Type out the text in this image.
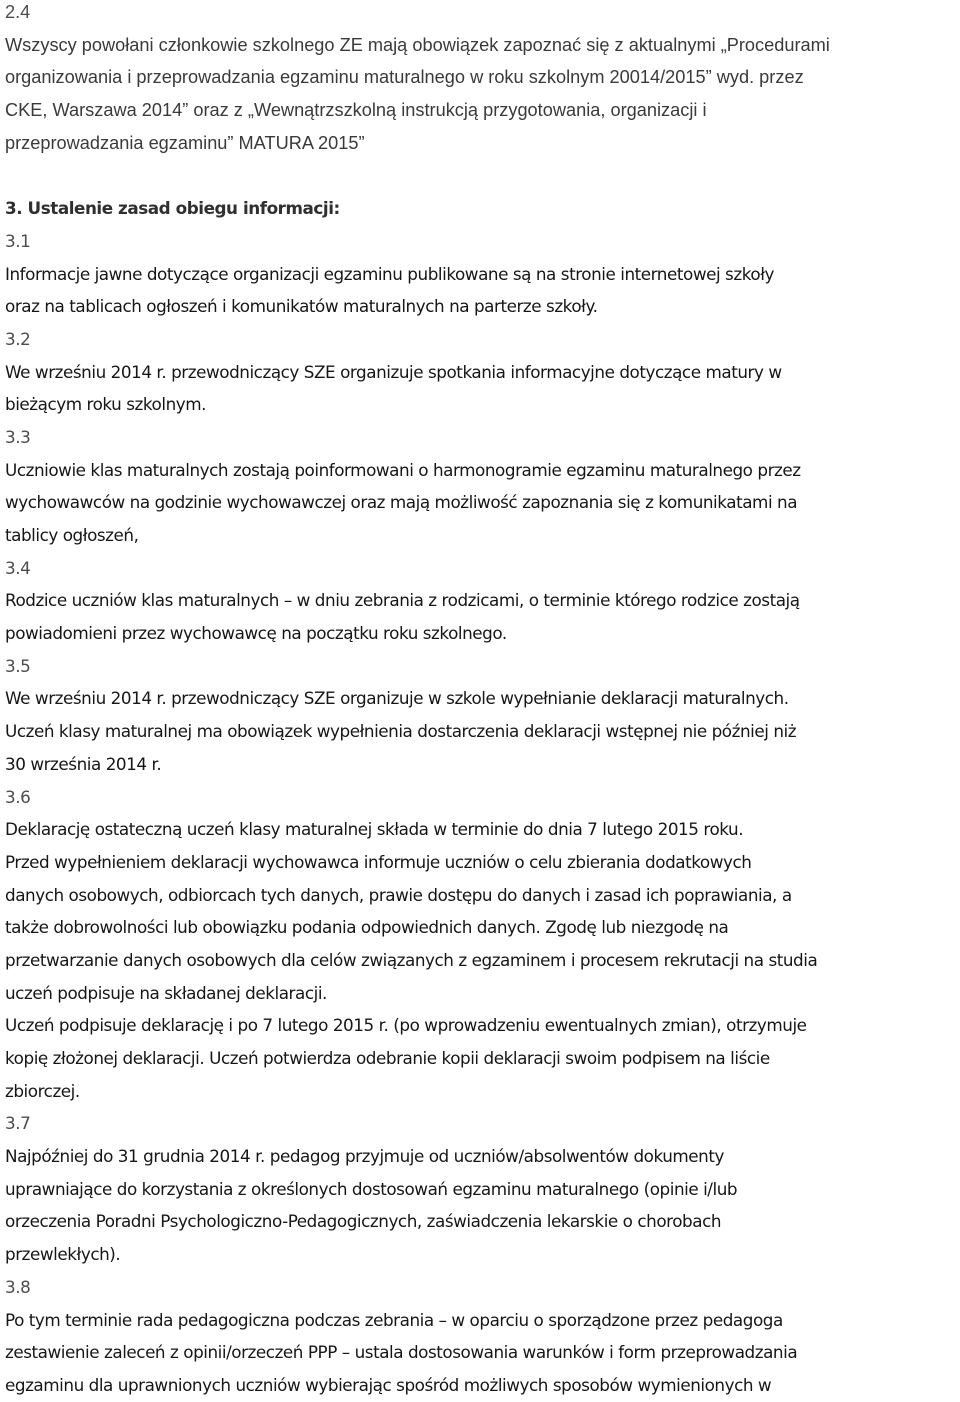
2.4
Wszyscy powołani członkowie szkolnego ZE mają obowiązek zapoznać się z aktualnymi „Procedurami
organizowania i przeprowadzania egzaminu maturalnego w roku szkolnym 20014/2015” wyd. przez
CKE, Warszawa 2014” oraz z „Wewnątrzszkolną instrukcją przygotowania, organizacji i
przeprowadzania egzaminu” MATURA 2015”
3. Ustalenie zasad obiegu informacji:
3.1
Informacje jawne dotyczące organizacji egzaminu publikowane są na stronie internetowej szkoły
oraz na tablicach ogłoszeń i komunikatów maturalnych na parterze szkoły.
3.2
We wrześniu 2014 r. przewodniczący SZE organizuje spotkania informacyjne dotyczące matury w
bieżącym roku szkolnym.
3.3
Uczniowie klas maturalnych zostają poinformowani o harmonogramie egzaminu maturalnego przez
wychowawców na godzinie wychowawczej oraz mają możliwość zapoznania się z komunikatami na
tablicy ogłoszeń,
3.4
Rodzice uczniów klas maturalnych – w dniu zebrania z rodzicami, o terminie którego rodzice zostają
powiadomieni przez wychowawcę na początku roku szkolnego.
3.5
We wrześniu 2014 r. przewodniczący SZE organizuje w szkole wypełnianie deklaracji maturalnych.
Uczeń klasy maturalnej ma obowiązek wypełnienia dostarczenia deklaracji wstępnej nie później niż
30 września 2014 r.
3.6
Deklarację ostateczną uczeń klasy maturalnej składa w terminie do dnia 7 lutego 2015 roku.
Przed wypełnieniem deklaracji wychowawca informuje uczniów o celu zbierania dodatkowych
danych osobowych, odbiorcach tych danych, prawie dostępu do danych i zasad ich poprawiania, a
także dobrowolności lub obowiązku podania odpowiednich danych. Zgodę lub niezgodę na
przetwarzanie danych osobowych dla celów związanych z egzaminem i procesem rekrutacji na studia
uczeń podpisuje na składanej deklaracji.
Uczeń podpisuje deklarację i po 7 lutego 2015 r. (po wprowadzeniu ewentualnych zmian), otrzymuje
kopię złożonej deklaracji. Uczeń potwierdza odebranie kopii deklaracji swoim podpisem na liście
zbiorczej.
3.7
Najpóźniej do 31 grudnia 2014 r. pedagog przyjmuje od uczniów/absolwentów dokumenty
uprawniające do korzystania z określonych dostosowań egzaminu maturalnego (opinie i/lub
orzeczenia Poradni Psychologiczno-Pedagogicznych, zaświadczenia lekarskie o chorobach
przewlekłych).
3.8
Po tym terminie rada pedagogiczna podczas zebrania – w oparciu o sporządzone przez pedagoga
zestawienie zaleceń z opinii/orzeczeń PPP – ustala dostosowania warunków i form przeprowadzania
egzaminu dla uprawnionych uczniów wybierając spośród możliwych sposobów wymienionych w
